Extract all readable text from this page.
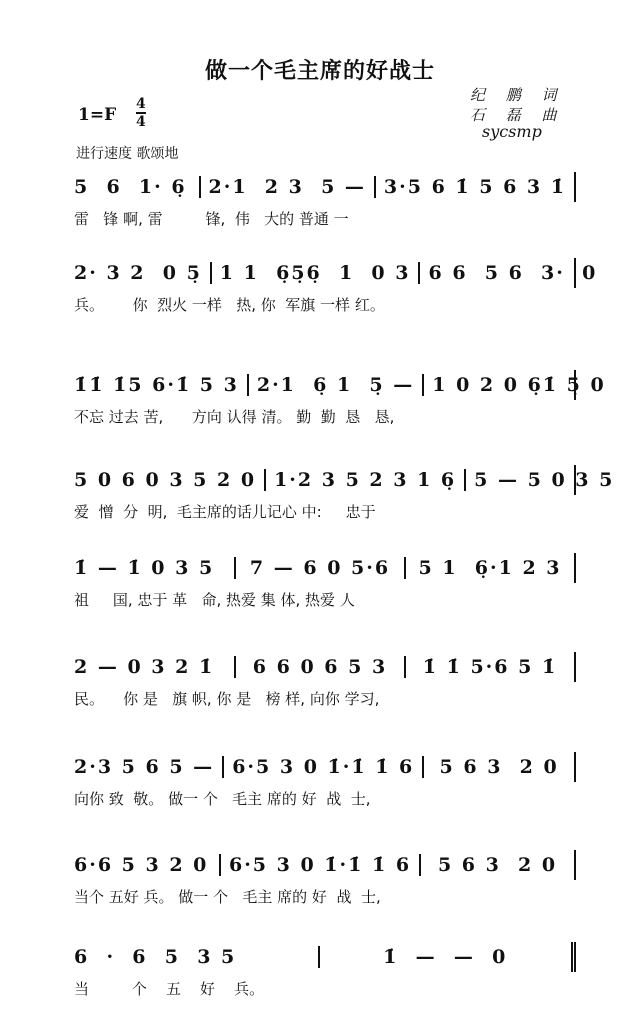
做一个毛主席的好战士
纪 鹏 词
石 磊 曲
sycsmp
1=F
4
4
进行速度 歌颂地
5  6  1· 6̣	2·1  2 3  5 — 3·5 6 1̇ 5 6 3 1̇
雷   锋 啊, 雷         锋,  伟   大的 普通 一
2· 3 2  0 5̣ 1 1  6̣5̣6̣  1  0 3 6 6  5 6  3·  0
兵。      你  烈火 一样   热, 你  军旗 一样 红。
1̇1̇ 1̇5 6·1̇ 5 3 2·1  6̣ 1  5̣ — 1 0 2 0 6̣1̇ 5̣ 0
不忘 过去 苦,      方向 认得 清。 勤  勤  恳   恳,
5 0 6 0 3 5 2 0 1·2 3 5 2 3 1 6̣ 5 — 5 0 3 5
爱  憎  分  明,  毛主席的话儿记心 中:     忠于
1̇ — 1̇ 0 3 5	7 — 6 0 5·6	5 1  6̣·1 2 3
祖     国, 忠于 革   命, 热爱 集 体, 热爱 人
2 — 0 3 2 1̇	6 6 0 6 5 3	1̇ 1̇ 5·6 5 1̇
民。    你 是   旗 帜, 你 是   榜 样, 向你 学习,
2·3 5 6 5 — 6·5 3 0 1̇·1̇ 1̇ 6	5 6 3  2 0
向你 致  敬。 做一 个   毛主 席的 好  战  士,
6·6 5 3 2 0	6·5 3 0 1̇·1̇ 1̇ 6	5 6 3  2 0
当个 五好 兵。 做一 个   毛主 席的 好  战  士,
6  ·  6  5  3 5	1̇  —  —  0
当         个    五    好    兵。
